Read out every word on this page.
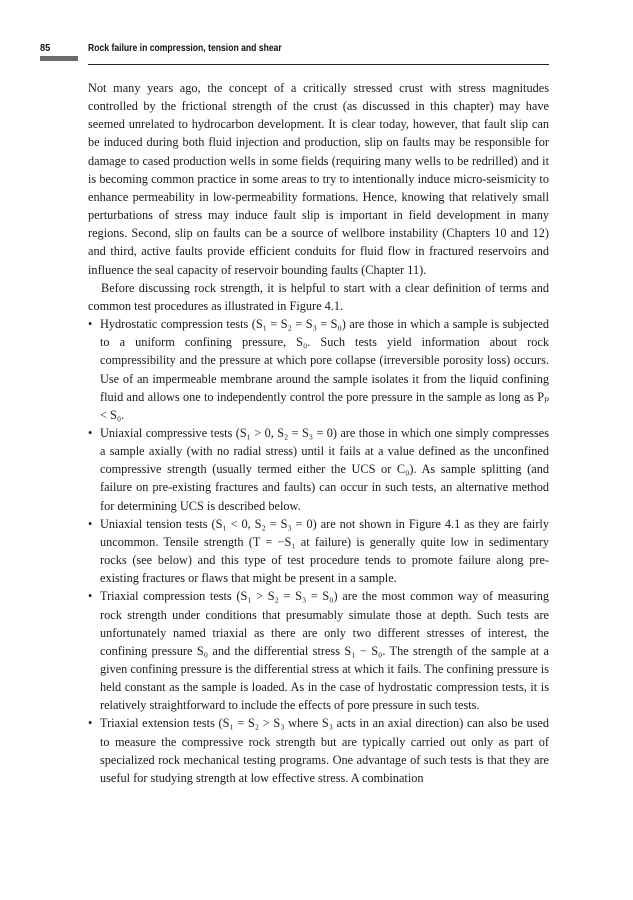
85	Rock failure in compression, tension and shear

Not many years ago, the concept of a critically stressed crust with stress magnitudes controlled by the frictional strength of the crust (as discussed in this chapter) may have seemed unrelated to hydrocarbon development. It is clear today, however, that fault slip can be induced during both fluid injection and production, slip on faults may be responsible for damage to cased production wells in some fields (requiring many wells to be redrilled) and it is becoming common practice in some areas to try to intentionally induce micro-seismicity to enhance permeability in low-permeability formations. Hence, knowing that relatively small perturbations of stress may induce fault slip is important in field development in many regions. Second, slip on faults can be a source of wellbore instability (Chapters 10 and 12) and third, active faults provide efficient conduits for fluid flow in fractured reservoirs and influence the seal capacity of reservoir bounding faults (Chapter 11).

Before discussing rock strength, it is helpful to start with a clear definition of terms and common test procedures as illustrated in Figure 4.1.

• Hydrostatic compression tests (S₁ = S₂ = S₃ = S₀) are those in which a sample is subjected to a uniform confining pressure, S₀. Such tests yield information about rock compressibility and the pressure at which pore collapse (irreversible porosity loss) occurs. Use of an impermeable membrane around the sample isolates it from the liquid confining fluid and allows one to independently control the pore pressure in the sample as long as Pₚ < S₀.
• Uniaxial compressive tests (S₁ > 0, S₂ = S₃ = 0) are those in which one simply compresses a sample axially (with no radial stress) until it fails at a value defined as the unconfined compressive strength (usually termed either the UCS or C₀). As sample splitting (and failure on pre-existing fractures and faults) can occur in such tests, an alternative method for determining UCS is described below.
• Uniaxial tension tests (S₁ < 0, S₂ = S₃ = 0) are not shown in Figure 4.1 as they are fairly uncommon. Tensile strength (T = −S₁ at failure) is generally quite low in sedimentary rocks (see below) and this type of test procedure tends to promote failure along pre-existing fractures or flaws that might be present in a sample.
• Triaxial compression tests (S₁ > S₂ = S₃ = S₀) are the most common way of measuring rock strength under conditions that presumably simulate those at depth. Such tests are unfortunately named triaxial as there are only two different stresses of interest, the confining pressure S₀ and the differential stress S₁ − S₀. The strength of the sample at a given confining pressure is the differential stress at which it fails. The confining pressure is held constant as the sample is loaded. As in the case of hydrostatic compression tests, it is relatively straightforward to include the effects of pore pressure in such tests.
• Triaxial extension tests (S₁ = S₂ > S₃ where S₃ acts in an axial direction) can also be used to measure the compressive rock strength but are typically carried out only as part of specialized rock mechanical testing programs. One advantage of such tests is that they are useful for studying strength at low effective stress. A combination
